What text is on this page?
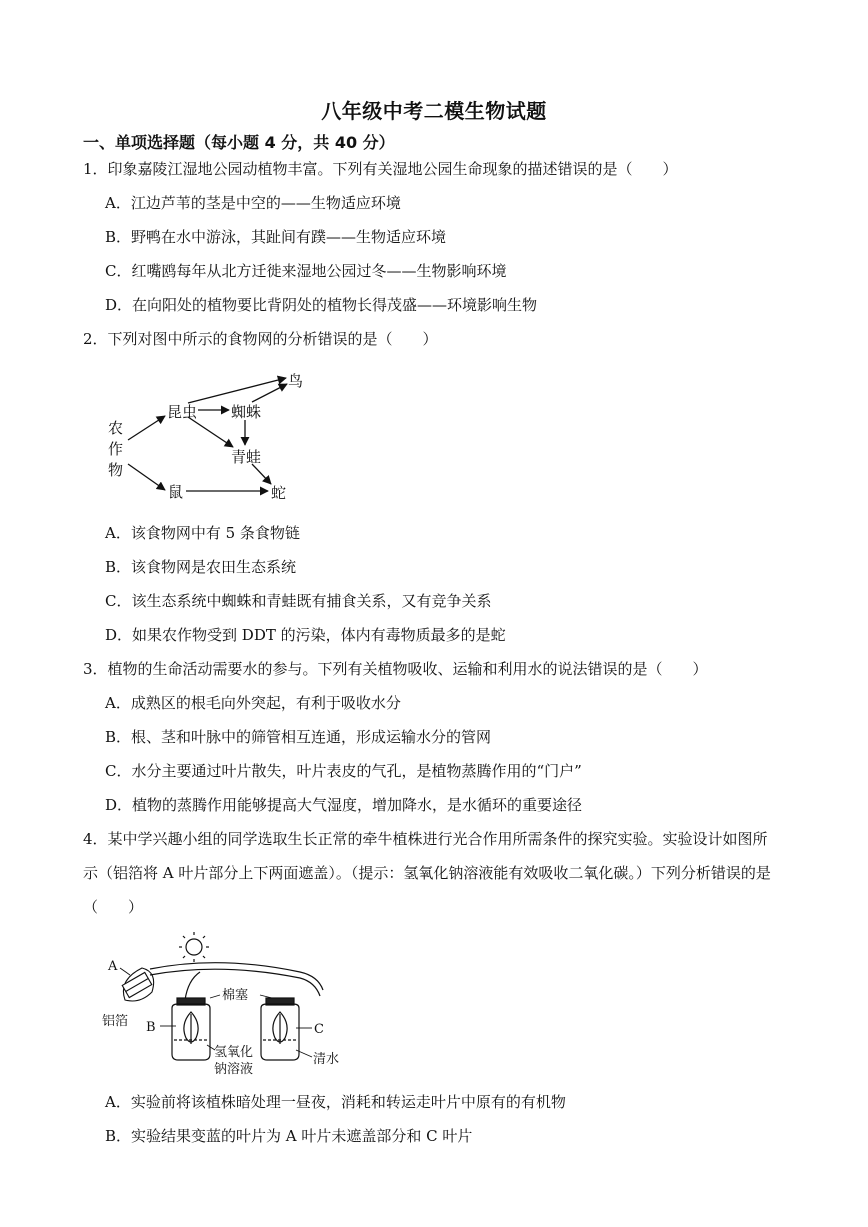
八年级中考二模生物试题
一、单项选择题（每小题 4 分，共 40 分）
1．印象嘉陵江湿地公园动植物丰富。下列有关湿地公园生命现象的描述错误的是（　　）
A．江边芦苇的茎是中空的——生物适应环境
B．野鸭在水中游泳，其趾间有蹼——生物适应环境
C．红嘴鸥每年从北方迁徙来湿地公园过冬——生物影响环境
D．在向阳处的植物要比背阴处的植物长得茂盛——环境影响生物
2．下列对图中所示的食物网的分析错误的是（　　）
农
作
物
昆虫 蜘蛛
鸟
青蛙
鼠	蛇
A．该食物网中有 5 条食物链
B．该食物网是农田生态系统
C．该生态系统中蜘蛛和青蛙既有捕食关系，又有竞争关系
D．如果农作物受到 DDT 的污染，体内有毒物质最多的是蛇
3．植物的生命活动需要水的参与。下列有关植物吸收、运输和利用水的说法错误的是（　　）
A．成熟区的根毛向外突起，有利于吸收水分
B．根、茎和叶脉中的筛管相互连通，形成运输水分的管网
C．水分主要通过叶片散失，叶片表皮的气孔，是植物蒸腾作用的“门户”
D．植物的蒸腾作用能够提高大气湿度，增加降水，是水循环的重要途径
4．某中学兴趣小组的同学选取生长正常的牵牛植株进行光合作用所需条件的探究实验。实验设计如图所
示（铝箔将 A 叶片部分上下两面遮盖）。（提示：氢氧化钠溶液能有效吸收二氧化碳。）下列分析错误的是
（　　）
A
铝箔 B
棉塞
C
氢氧化
钠溶液
清水
A．实验前将该植株暗处理一昼夜，消耗和转运走叶片中原有的有机物
B．实验结果变蓝的叶片为 A 叶片未遮盖部分和 C 叶片
